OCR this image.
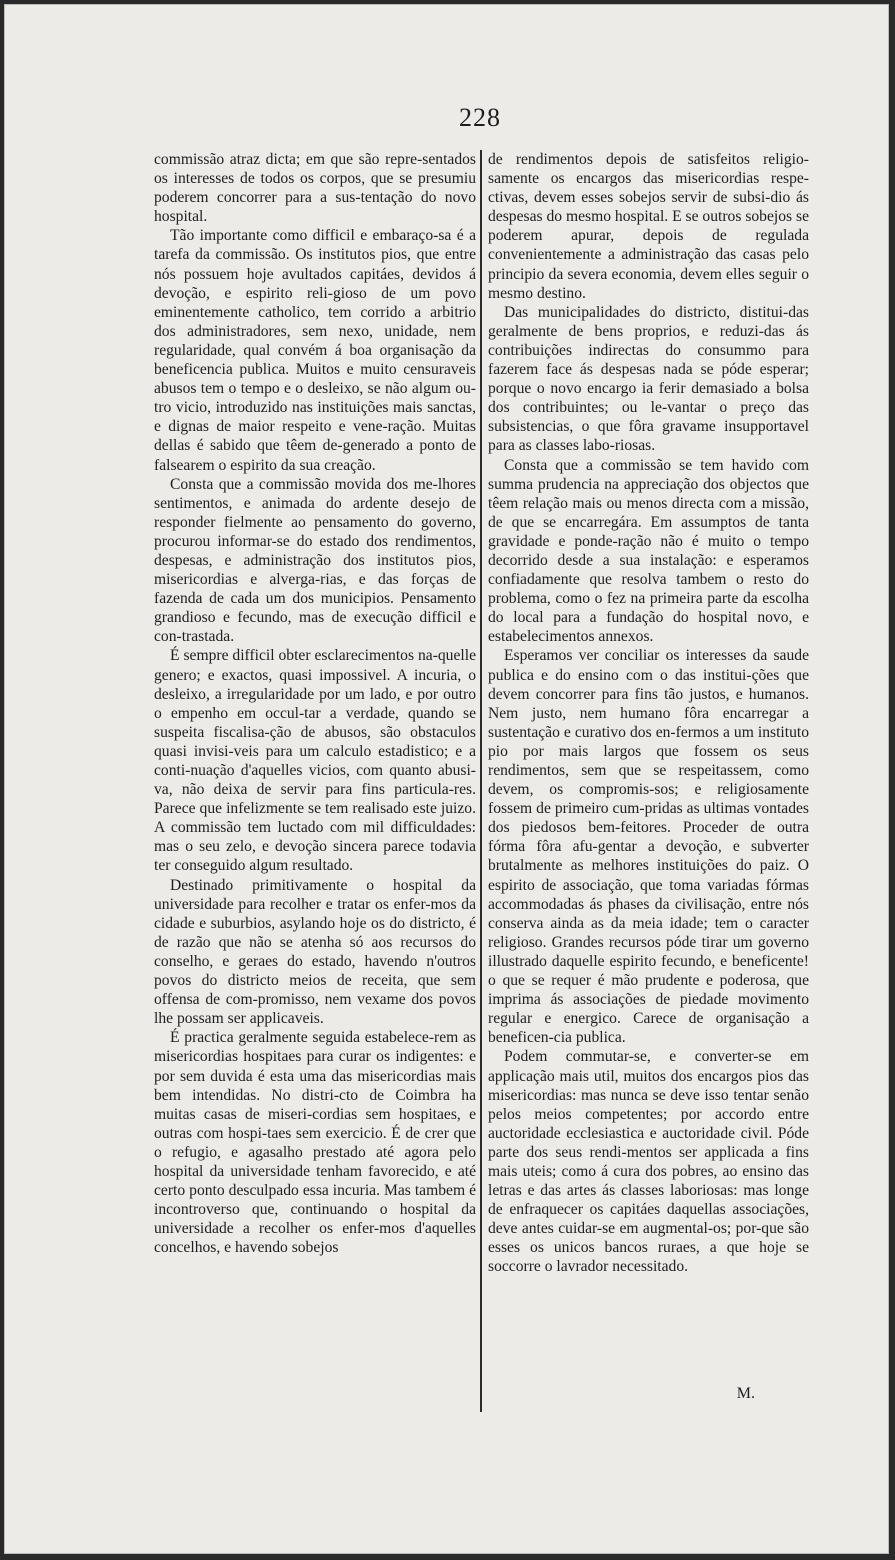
228

commissão atraz dicta; em que são repre-sentados os interesses de todos os corpos, que se presumiu poderem concorrer para a sus-tentação do novo hospital.

Tão importante como difficil e embaraço-sa é a tarefa da commissão. Os institutos pios, que entre nós possuem hoje avultados capitáes, devidos á devoção, e espirito reli-gioso de um povo eminentemente catholico, tem corrido a arbitrio dos administradores, sem nexo, unidade, nem regularidade, qual convém á boa organisação da beneficencia publica. Muitos e muito censuraveis abusos tem o tempo e o desleixo, se não algum ou-tro vicio, introduzido nas instituições mais sanctas, e dignas de maior respeito e vene-ração. Muitas dellas é sabido que têem de-generado a ponto de falsearem o espirito da sua creação.

Consta que a commissão movida dos me-lhores sentimentos, e animada do ardente desejo de responder fielmente ao pensamento do governo, procurou informar-se do estado dos rendimentos, despesas, e administração dos institutos pios, misericordias e alverga-rias, e das forças de fazenda de cada um dos municipios. Pensamento grandioso e fecundo, mas de execução difficil e con-trastada.

É sempre difficil obter esclarecimentos na-quelle genero; e exactos, quasi impossivel. A incuria, o desleixo, a irregularidade por um lado, e por outro o empenho em occul-tar a verdade, quando se suspeita fiscalisa-ção de abusos, são obstaculos quasi invisi-veis para um calculo estadistico; e a conti-nuação d'aquelles vicios, com quanto abusi-va, não deixa de servir para fins particula-res. Parece que infelizmente se tem realisado este juizo. A commissão tem luctado com mil difficuldades: mas o seu zelo, e devoção sincera parece todavia ter conseguido algum resultado.

Destinado primitivamente o hospital da universidade para recolher e tratar os enfer-mos da cidade e suburbios, asylando hoje os do districto, é de razão que não se atenha só aos recursos do conselho, e geraes do estado, havendo n'outros povos do districto meios de receita, que sem offensa de com-promisso, nem vexame dos povos lhe possam ser applicaveis.

É practica geralmente seguida estabelece-rem as misericordias hospitaes para curar os indigentes: e por sem duvida é esta uma das misericordias mais bem intendidas. No distri-cto de Coimbra ha muitas casas de miseri-cordias sem hospitaes, e outras com hospi-taes sem exercicio. É de crer que o refugio, e agasalho prestado até agora pelo hospital da universidade tenham favorecido, e até certo ponto desculpado essa incuria. Mas tambem é incontroverso que, continuando o hospital da universidade a recolher os enfer-mos d'aquelles concelhos, e havendo sobejos

de rendimentos depois de satisfeitos religio-samente os encargos das misericordias respe-ctivas, devem esses sobejos servir de subsi-dio ás despesas do mesmo hospital. E se outros sobejos se poderem apurar, depois de regulada convenientemente a administração das casas pelo principio da severa economia, devem elles seguir o mesmo destino.

Das municipalidades do districto, distitui-das geralmente de bens proprios, e reduzi-das ás contribuições indirectas do consummo para fazerem face ás despesas nada se póde esperar; porque o novo encargo ia ferir demasiado a bolsa dos contribuintes; ou le-vantar o preço das subsistencias, o que fôra gravame insupportavel para as classes labo-riosas.

Consta que a commissão se tem havido com summa prudencia na appreciação dos objectos que têem relação mais ou menos directa com a missão, de que se encarregára. Em assumptos de tanta gravidade e ponde-ração não é muito o tempo decorrido desde a sua instalação: e esperamos confiadamente que resolva tambem o resto do problema, como o fez na primeira parte da escolha do local para a fundação do hospital novo, e estabelecimentos annexos.

Esperamos ver conciliar os interesses da saude publica e do ensino com o das institui-ções que devem concorrer para fins tão justos, e humanos. Nem justo, nem humano fôra encarregar a sustentação e curativo dos en-fermos a um instituto pio por mais largos que fossem os seus rendimentos, sem que se respeitassem, como devem, os compromis-sos; e religiosamente fossem de primeiro cum-pridas as ultimas vontades dos piedosos bem-feitores. Proceder de outra fórma fôra afu-gentar a devoção, e subverter brutalmente as melhores instituições do paiz. O espirito de associação, que toma variadas fórmas accommodadas ás phases da civilisação, entre nós conserva ainda as da meia idade; tem o caracter religioso. Grandes recursos póde tirar um governo illustrado daquelle espirito fecundo, e beneficente! o que se requer é mão prudente e poderosa, que imprima ás associações de piedade movimento regular e energico. Carece de organisação a beneficen-cia publica.

Podem commutar-se, e converter-se em applicação mais util, muitos dos encargos pios das misericordias: mas nunca se deve isso tentar senão pelos meios competentes; por accordo entre auctoridade ecclesiastica e auctoridade civil. Póde parte dos seus rendi-mentos ser applicada a fins mais uteis; como á cura dos pobres, ao ensino das letras e das artes ás classes laboriosas: mas longe de enfraquecer os capitáes daquellas associações, deve antes cuidar-se em augmental-os; por-que são esses os unicos bancos ruraes, a que hoje se soccorre o lavrador necessitado.

M.
